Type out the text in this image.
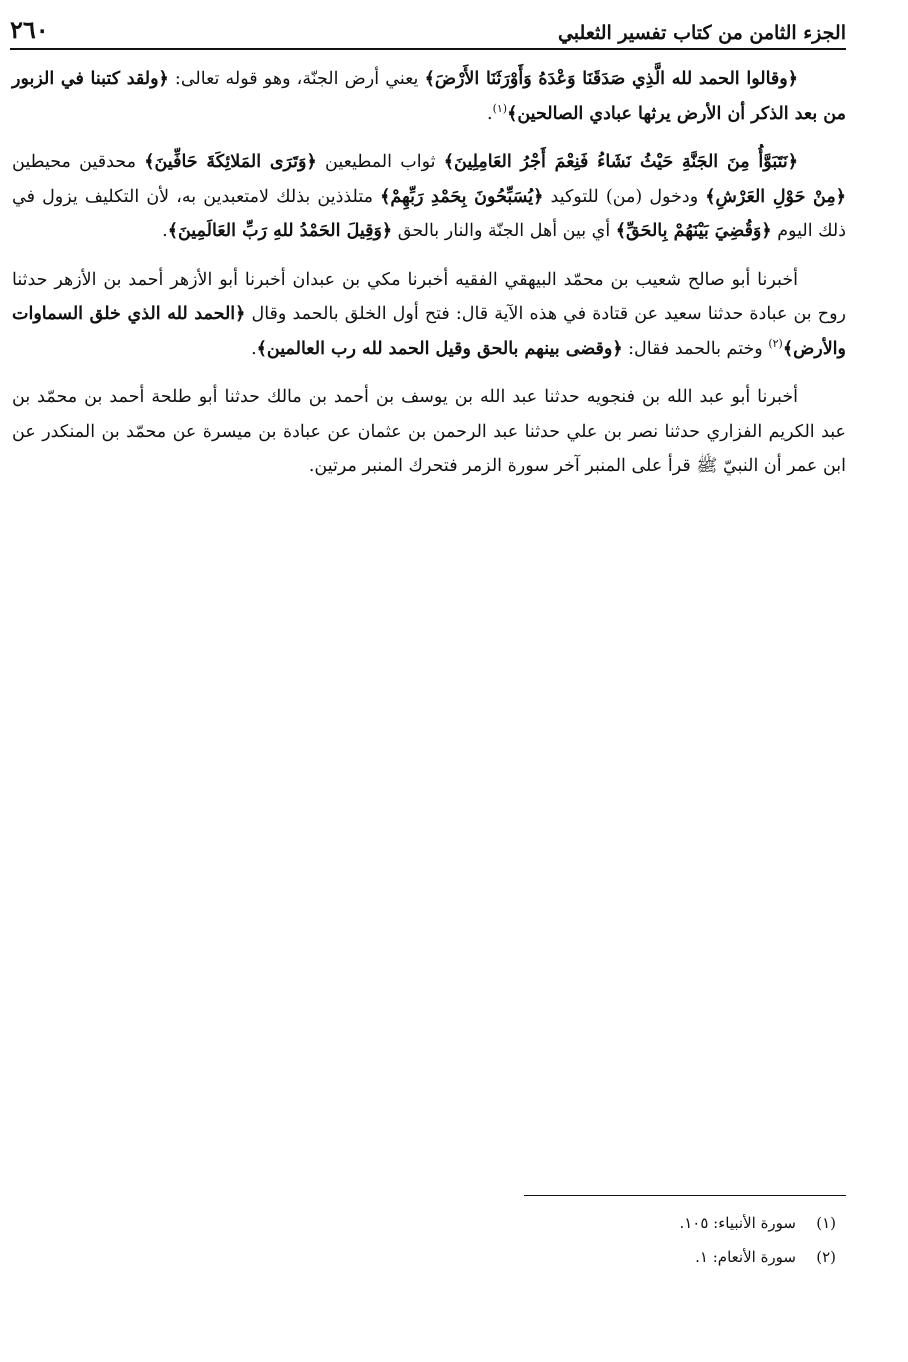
الجزء الثامن من كتاب تفسير الثعلبي
٢٦٠

﴿وقالوا الحمد لله الَّذِي صَدَقَنَا وَعْدَهُ وَأَوْرَثَنَا الأَرْضَ﴾ يعني أرض الجنّة، وهو قوله تعالى: ﴿ولقد كتبنا في الزبور من بعد الذكر أن الأرض يرثها عبادي الصالحين﴾$^{(١)}$.

﴿نَتَبَوَّأُ مِنَ الجَنَّةِ حَيْثُ نَشَاءُ فَنِعْمَ أَجْرُ العَامِلِينَ﴾ ثواب المطيعين ﴿وَتَرَى المَلائِكَةَ حَافِّينَ﴾ محدقين محيطين ﴿مِنْ حَوْلِ العَرْشِ﴾ ودخول (من) للتوكيد ﴿يُسَبِّحُونَ بِحَمْدِ رَبِّهِمْ﴾ متلذذين بذلك لامتعبدين به، لأن التكليف يزول في ذلك اليوم ﴿وَقُضِيَ بَيْنَهُمْ بِالحَقِّ﴾ أي بين أهل الجنّة والنار بالحق ﴿وَقِيلَ الحَمْدُ للهِ رَبِّ العَالَمِينَ﴾.

أخبرنا أبو صالح شعيب بن محمّد البيهقي الفقيه أخبرنا مكي بن عبدان أخبرنا أبو الأزهر أحمد بن الأزهر حدثنا روح بن عبادة حدثنا سعيد عن قتادة في هذه الآية قال: فتح أول الخلق بالحمد وقال ﴿الحمد لله الذي خلق السماوات والأرض﴾$^{(٢)}$ وختم بالحمد فقال: ﴿وقضى بينهم بالحق وقيل الحمد لله رب العالمين﴾.

أخبرنا أبو عبد الله بن فنجويه حدثنا عبد الله بن يوسف بن أحمد بن مالك حدثنا أبو طلحة أحمد بن محمّد بن عبد الكريم الفزاري حدثنا نصر بن علي حدثنا عبد الرحمن بن عثمان عن عبادة بن ميسرة عن محمّد بن المنكدر عن ابن عمر أن النبيّ ﷺ قرأ على المنبر آخر سورة الزمر فتحرك المنبر مرتين.

(١)
سورة الأنبياء: ١٠٥.
(٢)
سورة الأنعام: ١.
